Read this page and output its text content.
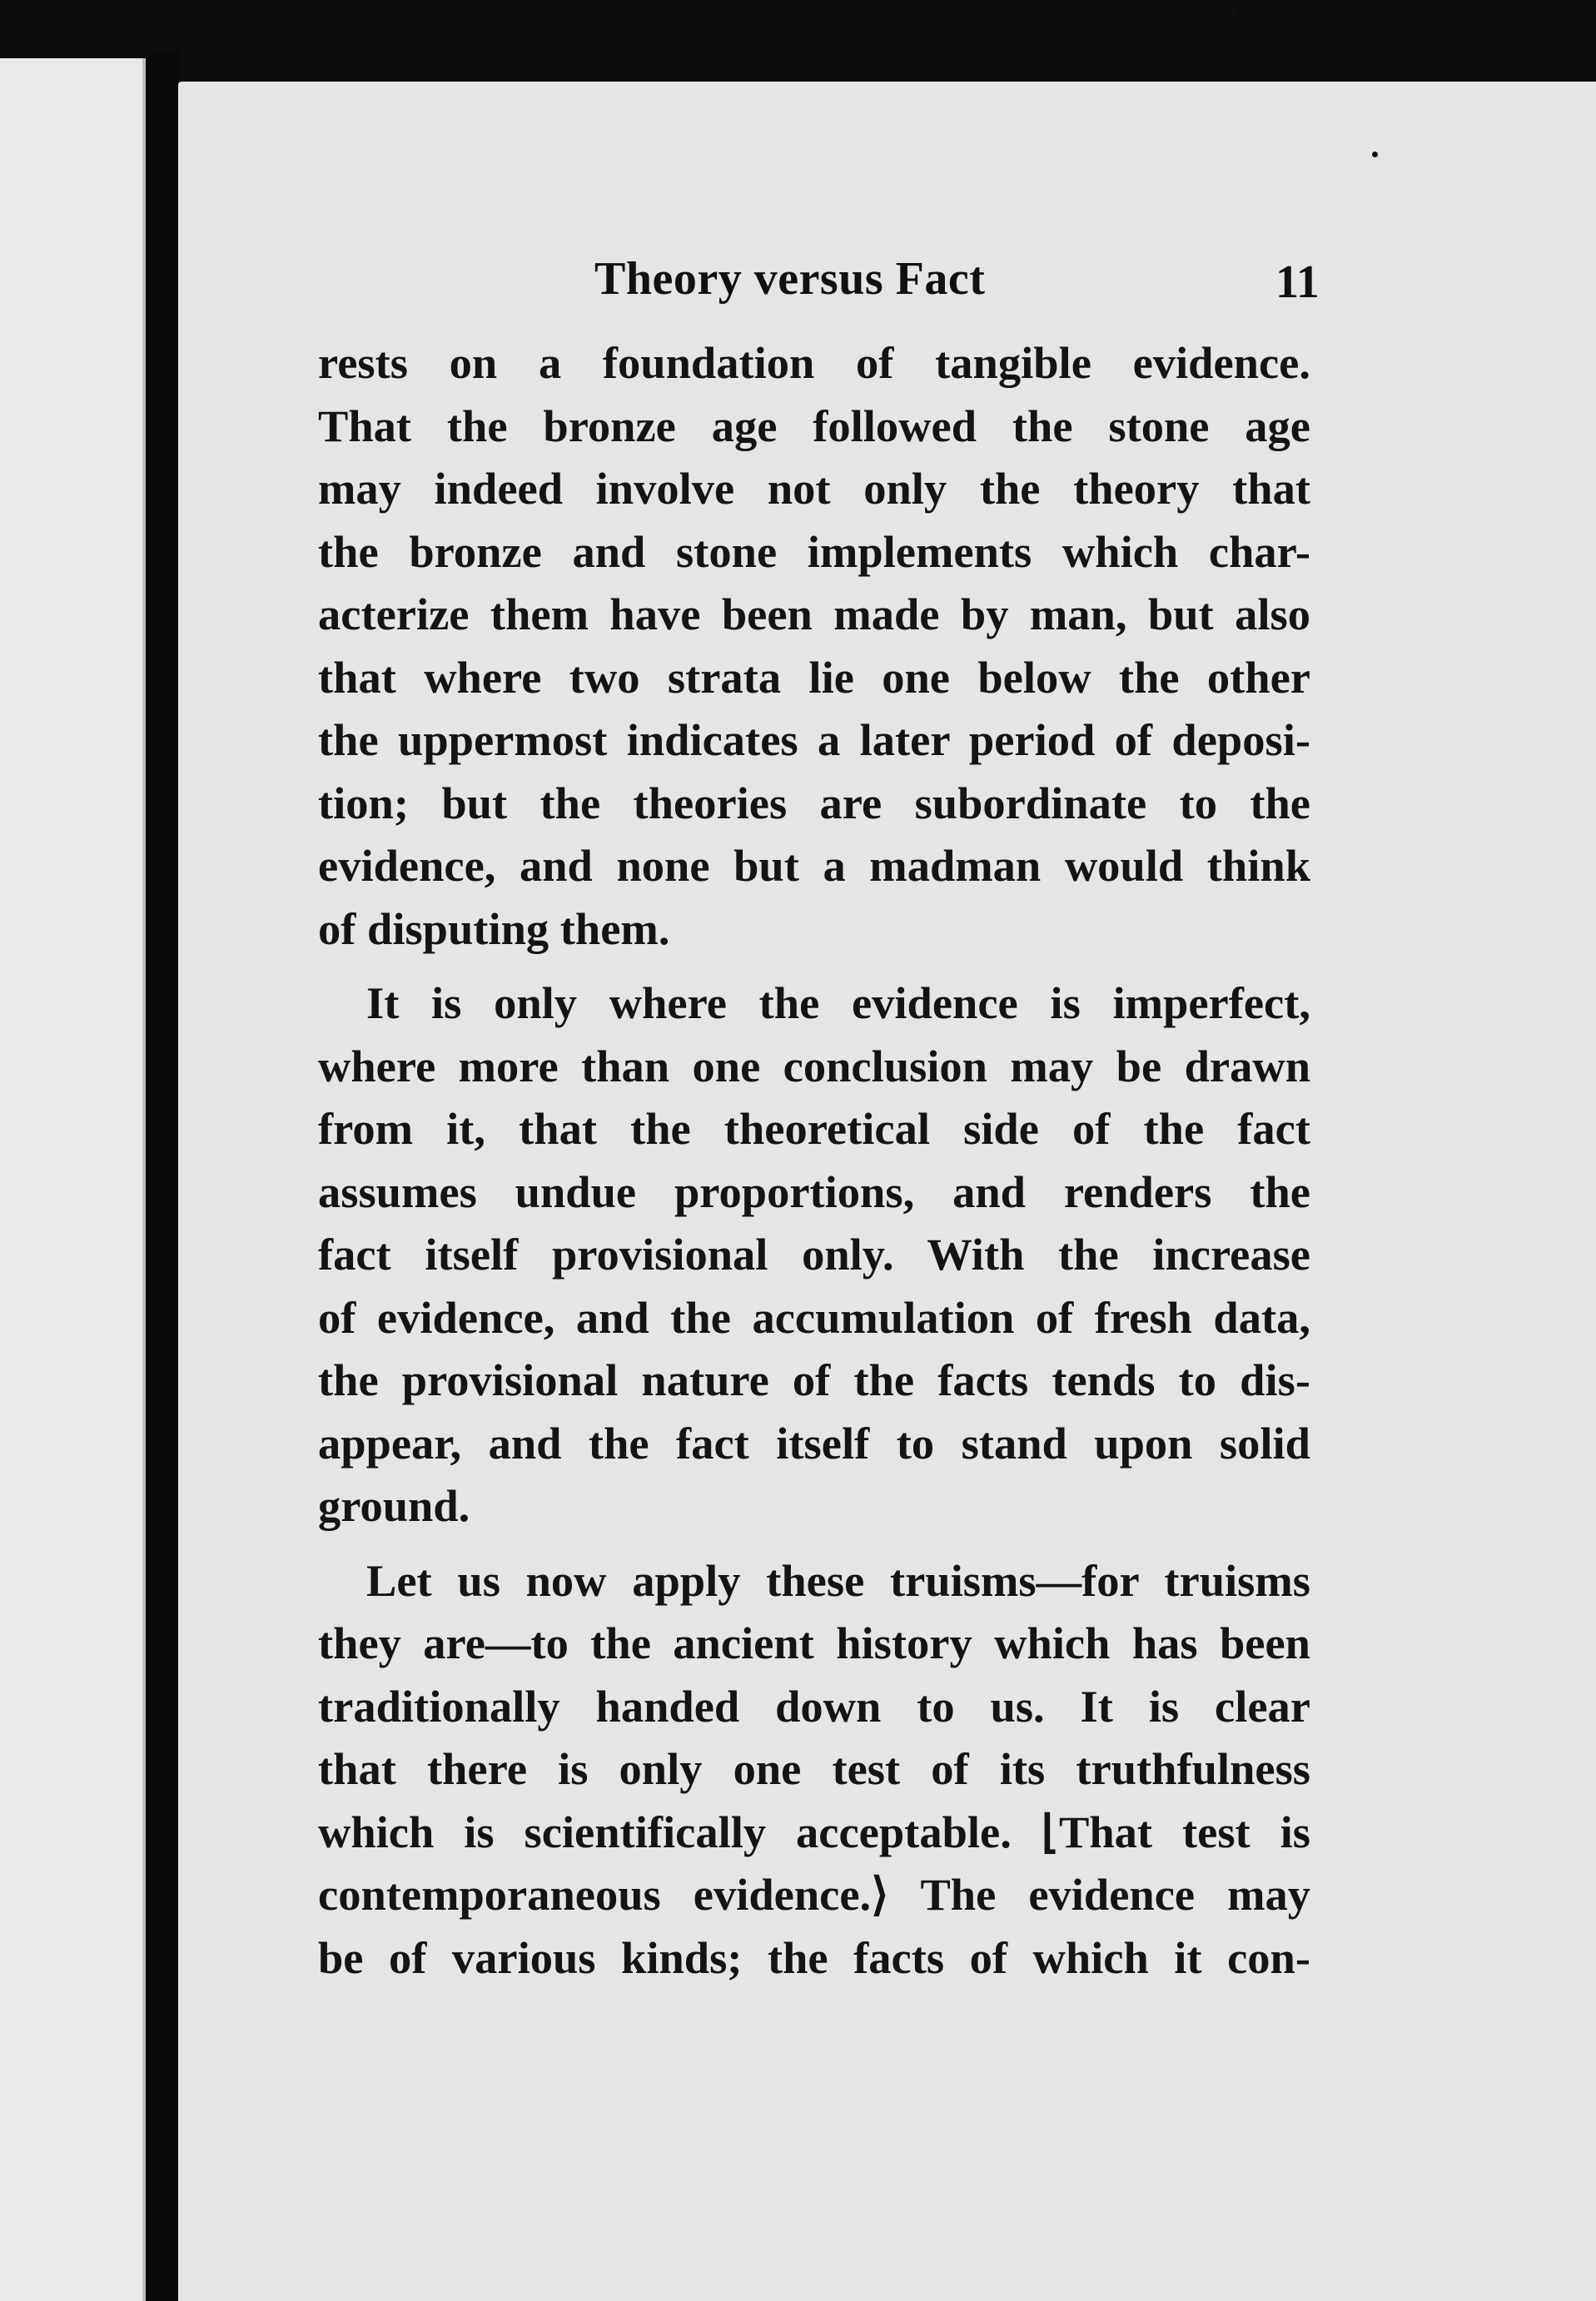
Theory versus Fact	11
rests on a foundation of tangible evidence.
That the bronze age followed the stone age
may indeed involve not only the theory that
the bronze and stone implements which char-
acterize them have been made by man, but also
that where two strata lie one below the other
the uppermost indicates a later period of deposi-
tion; but the theories are subordinate to the
evidence, and none but a madman would think
of disputing them.
It is only where the evidence is imperfect,
where more than one conclusion may be drawn
from it, that the theoretical side of the fact
assumes undue proportions, and renders the
fact itself provisional only. With the increase
of evidence, and the accumulation of fresh data,
the provisional nature of the facts tends to dis-
appear, and the fact itself to stand upon solid
ground.
Let us now apply these truisms—for truisms
they are—to the ancient history which has been
traditionally handed down to us. It is clear
that there is only one test of its truthfulness
which is scientifically acceptable. ⌊That test is
contemporaneous evidence.⟩ The evidence may
be of various kinds; the facts of which it con-
